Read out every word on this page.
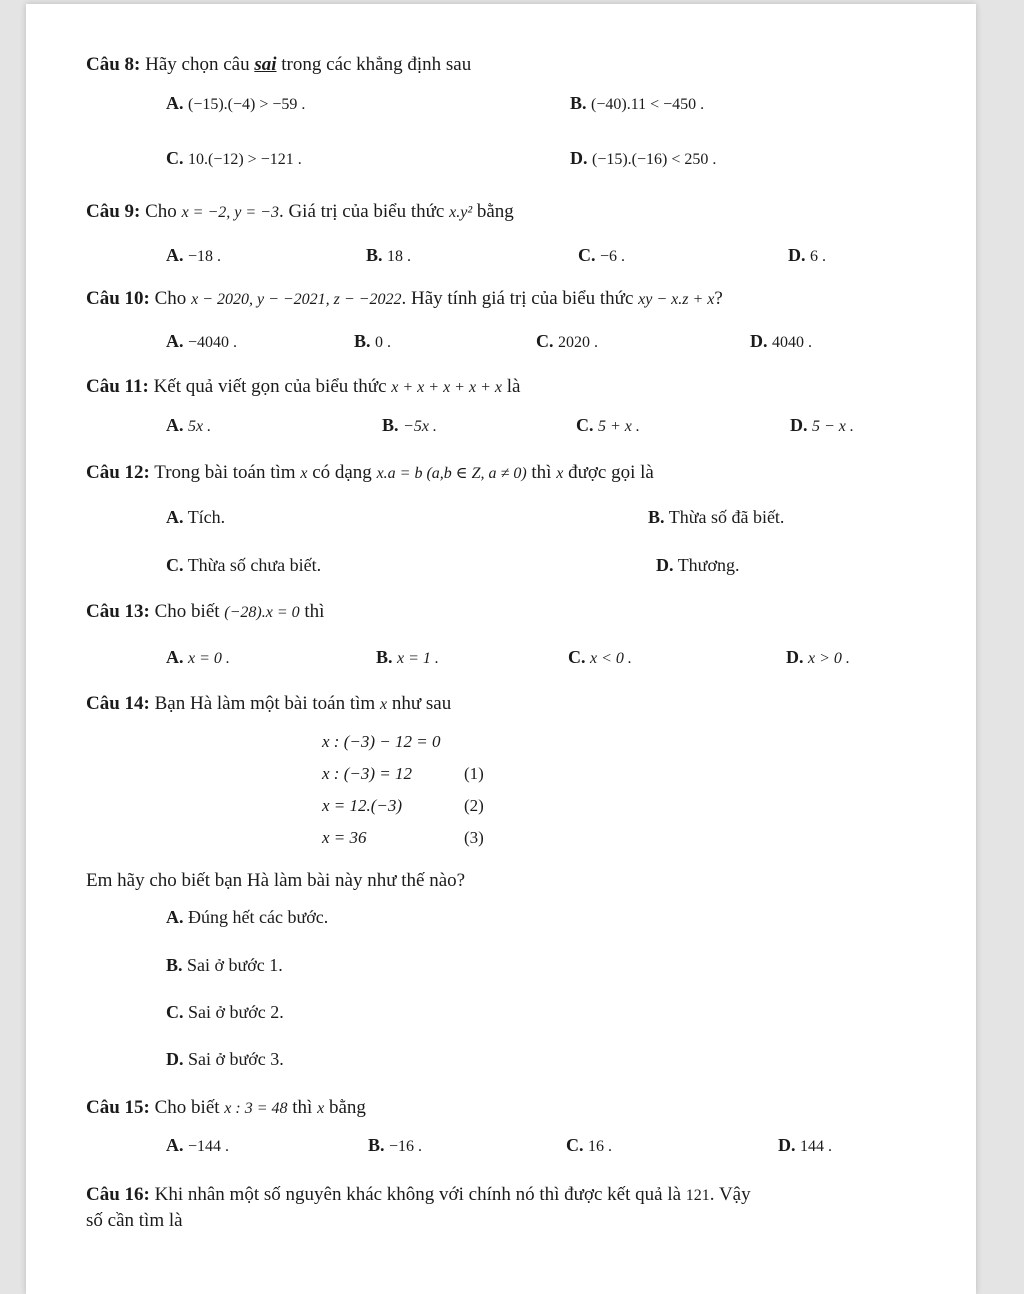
Câu 8: Hãy chọn câu sai trong các khẳng định sau
A. (−15).(−4) > −59 .	B. (−40).11 < −450 .
C. 10.(−12) > −121 .	D. (−15).(−16) < 250 .
Câu 9: Cho x = −2, y = −3. Giá trị của biểu thức x.y² bằng
A. −18 .	B. 18 .	C. −6 .	D. 6 .
Câu 10: Cho x − 2020, y − −2021, z − −2022. Hãy tính giá trị của biểu thức xy − x.z + x?
A. −4040 .	B. 0 .	C. 2020 .	D. 4040 .
Câu 11: Kết quả viết gọn của biểu thức x + x + x + x + x là
A. 5x .	B. −5x .	C. 5 + x .	D. 5 − x .
Câu 12: Trong bài toán tìm x có dạng x.a = b (a,b ∈ Z, a ≠ 0) thì x được gọi là
A. Tích.	B. Thừa số đã biết.
C. Thừa số chưa biết.	D. Thương.
Câu 13: Cho biết (−28).x = 0 thì
A. x = 0 .	B. x = 1 .	C. x < 0 .	D. x > 0 .
Câu 14: Bạn Hà làm một bài toán tìm x như sau
x : (−3) − 12 = 0
x : (−3) = 12	(1)
x = 12.(−3)	(2)
x = 36	(3)
Em hãy cho biết bạn Hà làm bài này như thế nào?
A. Đúng hết các bước.
B. Sai ở bước 1.
C. Sai ở bước 2.
D. Sai ở bước 3.
Câu 15: Cho biết x : 3 = 48 thì x bằng
A. −144 .	B. −16 .	C. 16 .	D. 144 .
Câu 16: Khi nhân một số nguyên khác không với chính nó thì được kết quả là 121. Vậy
số cần tìm là
